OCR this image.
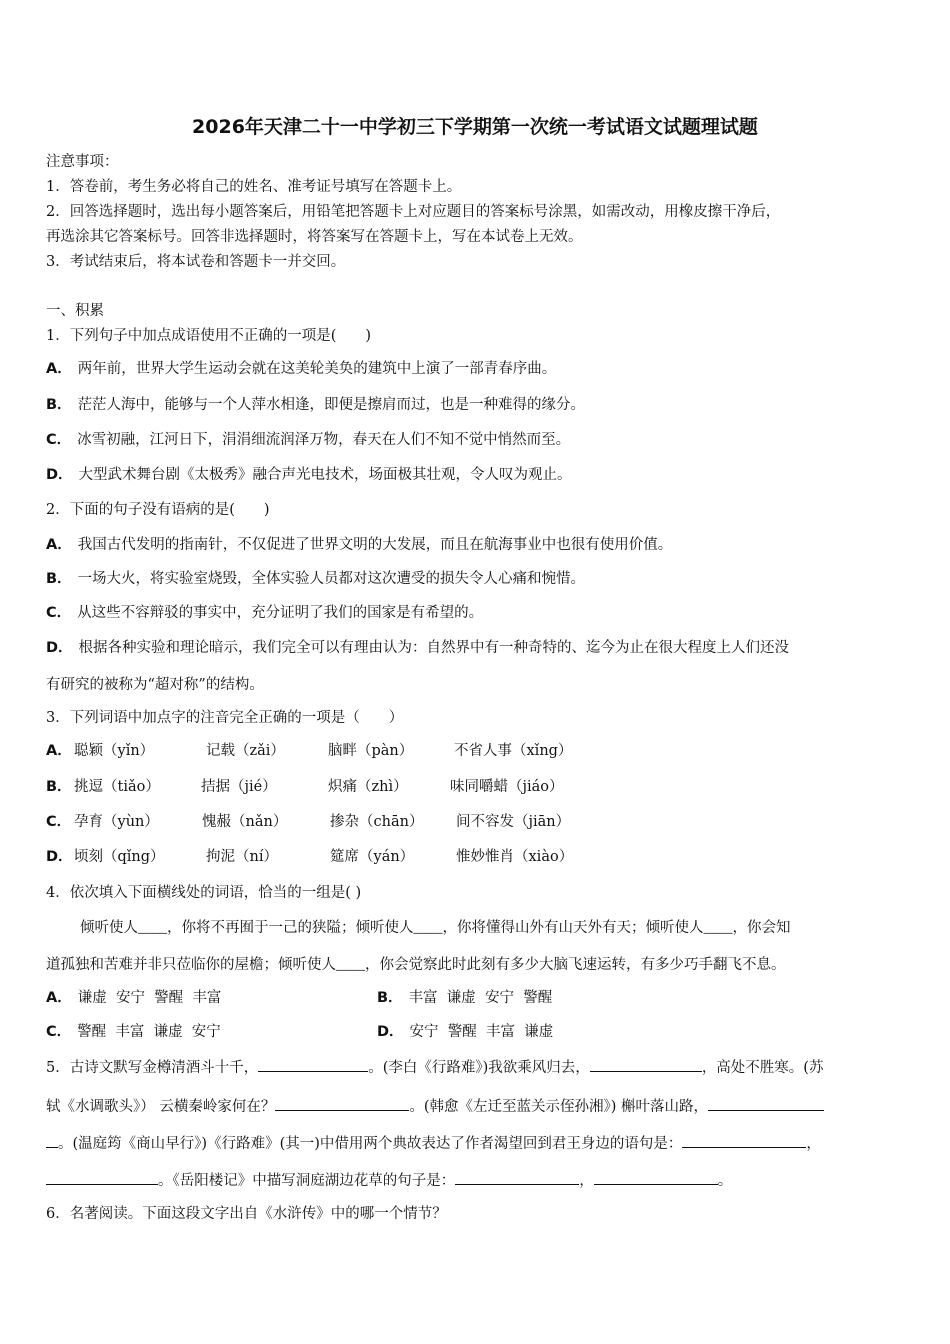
2026年天津二十一中学初三下学期第一次统一考试语文试题理试题
注意事项：
1．答卷前，考生务必将自己的姓名、准考证号填写在答题卡上。
2．回答选择题时，选出每小题答案后，用铅笔把答题卡上对应题目的答案标号涂黑，如需改动，用橡皮擦干净后，
再选涂其它答案标号。回答非选择题时，将答案写在答题卡上，写在本试卷上无效。
3．考试结束后，将本试卷和答题卡一并交回。
一、积累
1．下列句子中加点成语使用不正确的一项是(　　)
A． 两年前，世界大学生运动会就在这美轮美奂的建筑中上演了一部青春序曲。
B． 茫茫人海中，能够与一个人萍水相逢，即便是擦肩而过，也是一种难得的缘分。
C． 冰雪初融，江河日下，涓涓细流润泽万物，春天在人们不知不觉中悄然而至。
D． 大型武术舞台剧《太极秀》融合声光电技术，场面极其壮观，令人叹为观止。
2．下面的句子没有语病的是(　　)
A． 我国古代发明的指南针，不仅促进了世界文明的大发展，而且在航海事业中也很有使用价值。
B． 一场大火，将实验室烧毁，全体实验人员都对这次遭受的损失令人心痛和惋惜。
C． 从这些不容辩驳的事实中，充分证明了我们的国家是有希望的。
D． 根据各种实验和理论暗示，我们完全可以有理由认为：自然界中有一种奇特的、迄今为止在很大程度上人们还没
有研究的被称为“超对称”的结构。
3．下列词语中加点字的注音完全正确的一项是（　　）
A． 聪颖（yǐn）	记载（zǎi）	脑畔（pàn）	不省人事（xǐng）
B． 挑逗（tiǎo）	拮据（jié）	炽痛（zhì）	味同嚼蜡（jiáo）
C． 孕育（yùn）	愧赧（nǎn）	掺杂（chān） 间不容发（jiān）
D． 顷刻（qǐng）	拘泥（ní）	筵席（yán）	惟妙惟肖（xiào）
4．依次填入下面横线处的词语，恰当的一组是( )
倾听使人____，你将不再囿于一己的狭隘；倾听使人____，你将懂得山外有山天外有天；倾听使人____，你会知
道孤独和苦难并非只莅临你的屋檐；倾听使人____，你会觉察此时此刻有多少大脑飞速运转，有多少巧手翻飞不息。
A． 谦虚  安宁  警醒  丰富	B． 丰富  谦虚  安宁  警醒
C． 警醒  丰富  谦虚  安宁	D． 安宁  警醒  丰富  谦虚
5．古诗文默写金樽清酒斗十千，	。(李白《行路难》)我欲乘风归去，	，高处不胜寒。(苏
轼《水调歌头》） 云横秦岭家何在？	。(韩愈《左迁至蓝关示侄孙湘》) 槲叶落山路，
。(温庭筠《商山早行》)《行路难》(其一)中借用两个典故表达了作者渴望回到君王身边的语句是：	，
。《岳阳楼记》中描写洞庭湖边花草的句子是：	，	。
6．名著阅读。下面这段文字出自《水浒传》中的哪一个情节？
